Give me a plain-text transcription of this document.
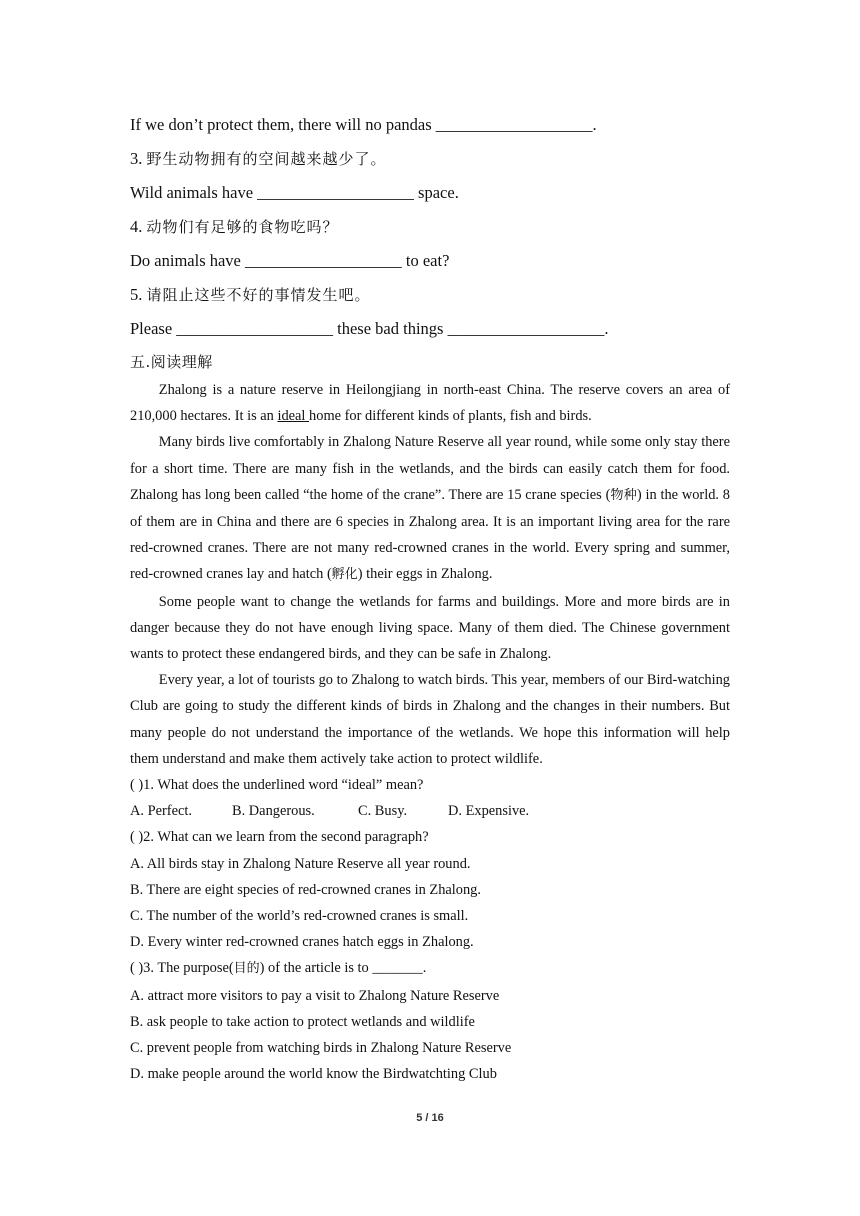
If we don’t protect them, there will no pandas ___________________.
3. 野生动物拥有的空间越来越少了。
Wild animals have ___________________ space.
4. 动物们有足够的食物吃吗？
Do animals have ___________________ to eat?
5. 请阻止这些不好的事情发生吧。
Please ___________________ these bad things ___________________.
五.阅读理解

Zhalong is a nature reserve in Heilongjiang in north-east China. The reserve covers an area of 210,000 hectares. It is an ideal home for different kinds of plants, fish and birds.

Many birds live comfortably in Zhalong Nature Reserve all year round, while some only stay there for a short time. There are many fish in the wetlands, and the birds can easily catch them for food. Zhalong has long been called “the home of the crane”. There are 15 crane species (物种) in the world. 8 of them are in China and there are 6 species in Zhalong area. It is an important living area for the rare red-crowned cranes. There are not many red-crowned cranes in the world. Every spring and summer, red-crowned cranes lay and hatch (孵化) their eggs in Zhalong.

Some people want to change the wetlands for farms and buildings. More and more birds are in danger because they do not have enough living space. Many of them died. The Chinese government wants to protect these endangered birds, and they can be safe in Zhalong.

Every year, a lot of tourists go to Zhalong to watch birds. This year, members of our Bird-watching Club are going to study the different kinds of birds in Zhalong and the changes in their numbers. But many people do not understand the importance of the wetlands. We hope this information will help them understand and make them actively take action to protect wildlife.

( )1. What does the underlined word “ideal” mean?
A. Perfect.	B. Dangerous.	C. Busy.	D. Expensive.
( )2. What can we learn from the second paragraph?
A. All birds stay in Zhalong Nature Reserve all year round.
B. There are eight species of red-crowned cranes in Zhalong.
C. The number of the world’s red-crowned cranes is small.
D. Every winter red-crowned cranes hatch eggs in Zhalong.
( )3. The purpose(目的) of the article is to _______.
A. attract more visitors to pay a visit to Zhalong Nature Reserve
B. ask people to take action to protect wetlands and wildlife
C. prevent people from watching birds in Zhalong Nature Reserve
D. make people around the world know the Birdwatchting Club
5 / 16
